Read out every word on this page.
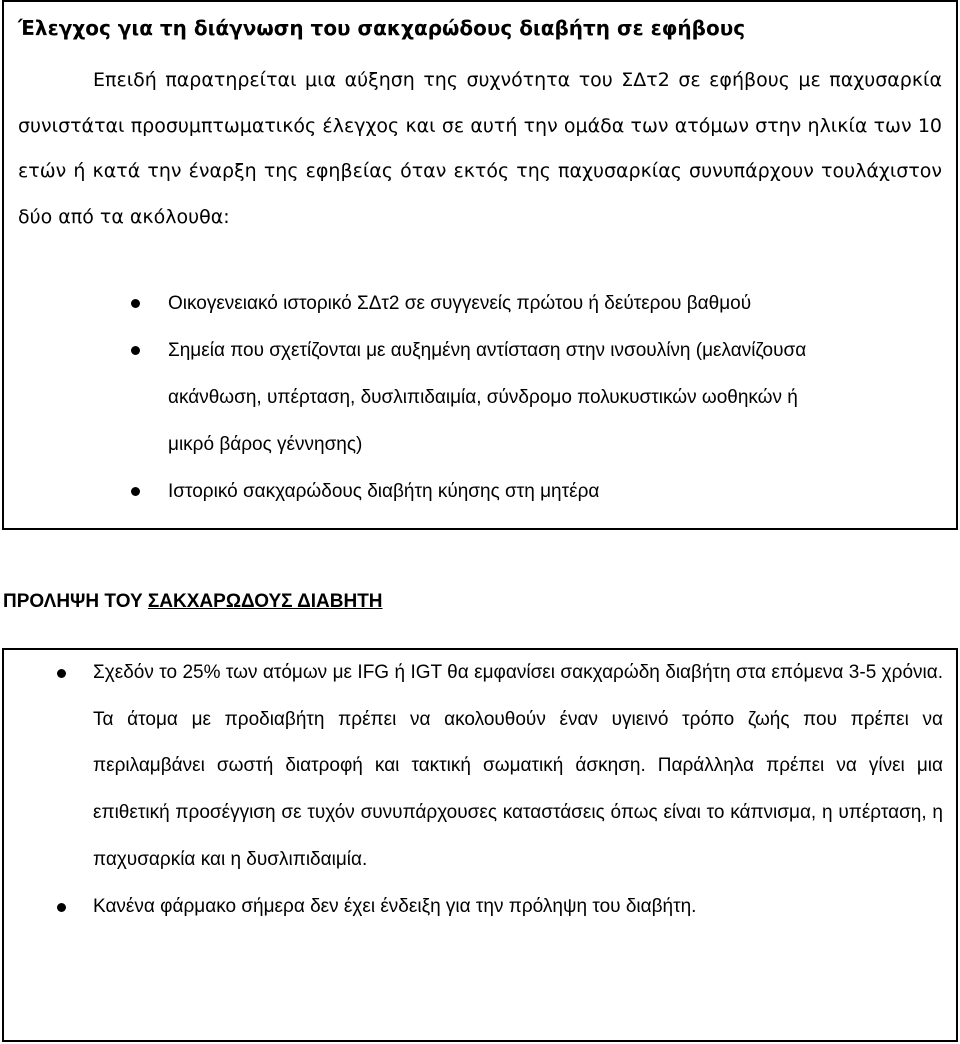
Έλεγχος για τη διάγνωση του σακχαρώδους διαβήτη σε εφήβους
Επειδή παρατηρείται μια αύξηση της συχνότητα του ΣΔτ2 σε εφήβους με παχυσαρκία συνιστάται προσυμπτωματικός έλεγχος και σε αυτή την ομάδα των ατόμων στην ηλικία των 10 ετών ή κατά την έναρξη της εφηβείας όταν εκτός της παχυσαρκίας συνυπάρχουν τουλάχιστον δύο από τα ακόλουθα:
Οικογενειακό ιστορικό ΣΔτ2 σε συγγενείς πρώτου ή δεύτερου βαθμού
Σημεία που σχετίζονται με αυξημένη αντίσταση στην ινσουλίνη (μελανίζουσα ακάνθωση, υπέρταση, δυσλιπιδαιμία, σύνδρομο πολυκυστικών ωοθηκών ή μικρό βάρος γέννησης)
Ιστορικό σακχαρώδους διαβήτη κύησης στη μητέρα
ΠΡΟΛΗΨΗ ΤΟΥ ΣΑΚΧΑΡΩΔΟΥΣ ΔΙΑΒΗΤΗ
Σχεδόν το 25% των ατόμων με IFG ή IGT θα εμφανίσει σακχαρώδη διαβήτη στα επόμενα 3-5 χρόνια. Τα άτομα με προδιαβήτη πρέπει να ακολουθούν έναν υγιεινό τρόπο ζωής που πρέπει να περιλαμβάνει σωστή διατροφή και τακτική σωματική άσκηση. Παράλληλα πρέπει να γίνει μια επιθετική προσέγγιση σε τυχόν συνυπάρχουσες καταστάσεις όπως είναι το κάπνισμα, η υπέρταση, η παχυσαρκία και η δυσλιπιδαιμία.
Κανένα φάρμακο σήμερα δεν έχει ένδειξη για την πρόληψη του διαβήτη.
